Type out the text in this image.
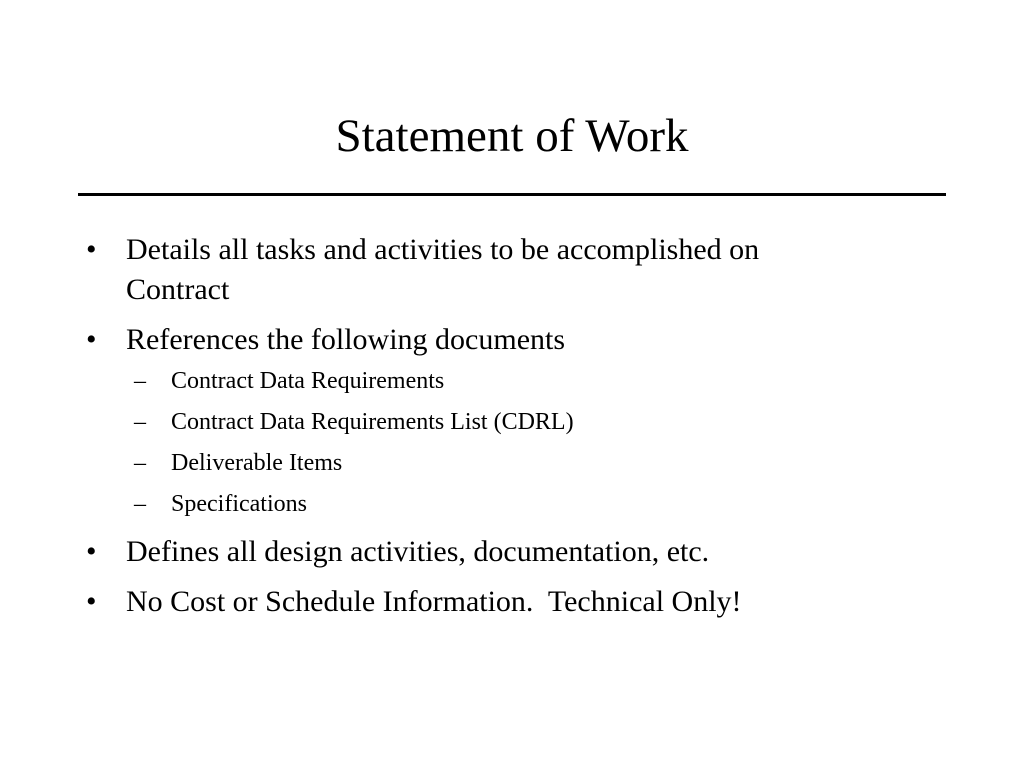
Statement of Work
• Details all tasks and activities to be accomplished on Contract
• References the following documents
– Contract Data Requirements
– Contract Data Requirements List (CDRL)
– Deliverable Items
– Specifications
• Defines all design activities, documentation, etc.
• No Cost or Schedule Information.  Technical Only!
